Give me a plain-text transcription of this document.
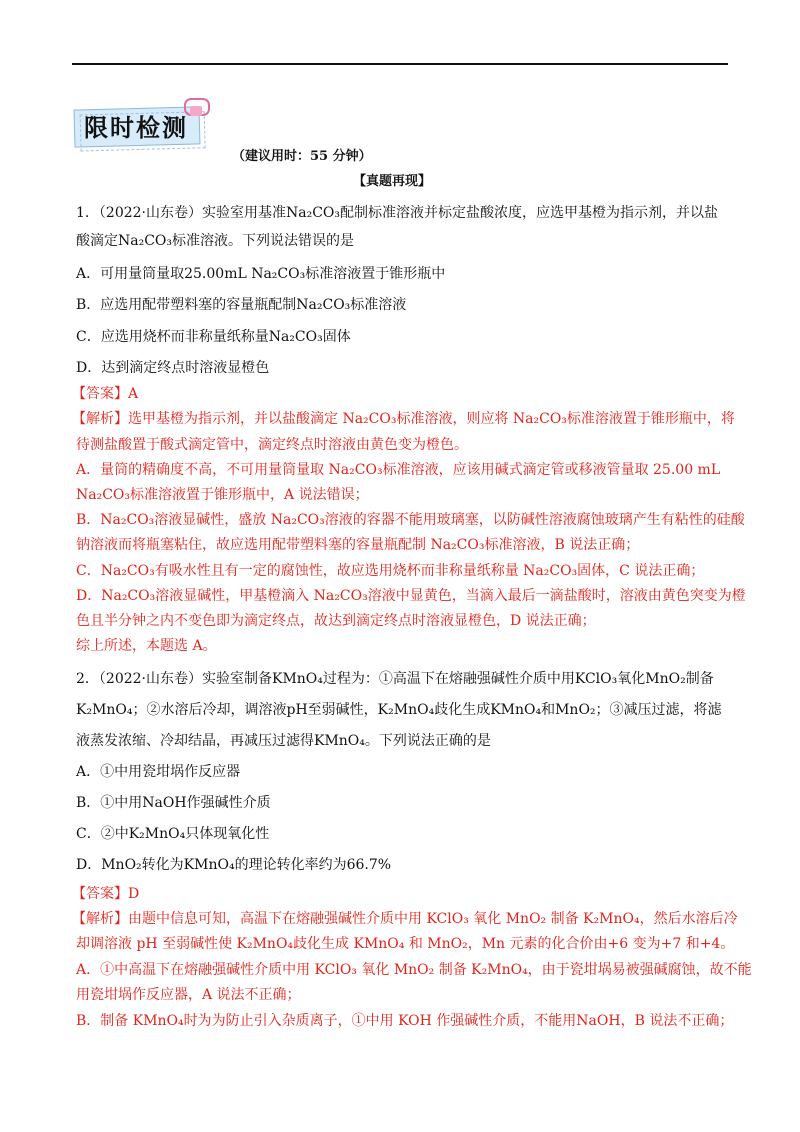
限时检测
（建议用时：55 分钟）
【真题再现】
1．（2022·山东卷）实验室用基准Na₂CO₃配制标准溶液并标定盐酸浓度，应选甲基橙为指示剂，并以盐
酸滴定Na₂CO₃标准溶液。下列说法错误的是
A．可用量筒量取25.00mL Na₂CO₃标准溶液置于锥形瓶中
B．应选用配带塑料塞的容量瓶配制Na₂CO₃标准溶液
C．应选用烧杯而非称量纸称量Na₂CO₃固体
D．达到滴定终点时溶液显橙色
【答案】A
【解析】选甲基橙为指示剂，并以盐酸滴定 Na₂CO₃标准溶液，则应将 Na₂CO₃标准溶液置于锥形瓶中，将
待测盐酸置于酸式滴定管中，滴定终点时溶液由黄色变为橙色。
A．量筒的精确度不高，不可用量筒量取 Na₂CO₃标准溶液，应该用碱式滴定管或移液管量取 25.00 mL
Na₂CO₃标准溶液置于锥形瓶中，A 说法错误；
B．Na₂CO₃溶液显碱性，盛放 Na₂CO₃溶液的容器不能用玻璃塞，以防碱性溶液腐蚀玻璃产生有粘性的硅酸
钠溶液而将瓶塞粘住，故应选用配带塑料塞的容量瓶配制 Na₂CO₃标准溶液，B 说法正确；
C．Na₂CO₃有吸水性且有一定的腐蚀性，故应选用烧杯而非称量纸称量 Na₂CO₃固体，C 说法正确；
D．Na₂CO₃溶液显碱性，甲基橙滴入 Na₂CO₃溶液中显黄色，当滴入最后一滴盐酸时，溶液由黄色突变为橙
色且半分钟之内不变色即为滴定终点，故达到滴定终点时溶液显橙色，D 说法正确；
综上所述，本题选 A。
2．（2022·山东卷）实验室制备KMnO₄过程为：①高温下在熔融强碱性介质中用KClO₃氧化MnO₂制备
K₂MnO₄；②水溶后冷却，调溶液pH至弱碱性，K₂MnO₄歧化生成KMnO₄和MnO₂；③减压过滤，将滤
液蒸发浓缩、冷却结晶，再减压过滤得KMnO₄。下列说法正确的是
A．①中用瓷坩埚作反应器
B．①中用NaOH作强碱性介质
C．②中K₂MnO₄只体现氧化性
D．MnO₂转化为KMnO₄的理论转化率约为66.7%
【答案】D
【解析】由题中信息可知，高温下在熔融强碱性介质中用 KClO₃ 氧化 MnO₂ 制备 K₂MnO₄，然后水溶后冷
却调溶液 pH 至弱碱性使 K₂MnO₄歧化生成 KMnO₄ 和 MnO₂，Mn 元素的化合价由+6 变为+7 和+4。
A．①中高温下在熔融强碱性介质中用 KClO₃ 氧化 MnO₂ 制备 K₂MnO₄，由于瓷坩埚易被强碱腐蚀，故不能
用瓷坩埚作反应器，A 说法不正确；
B．制备 KMnO₄时为为防止引入杂质离子，①中用 KOH 作强碱性介质，不能用NaOH，B 说法不正确；
